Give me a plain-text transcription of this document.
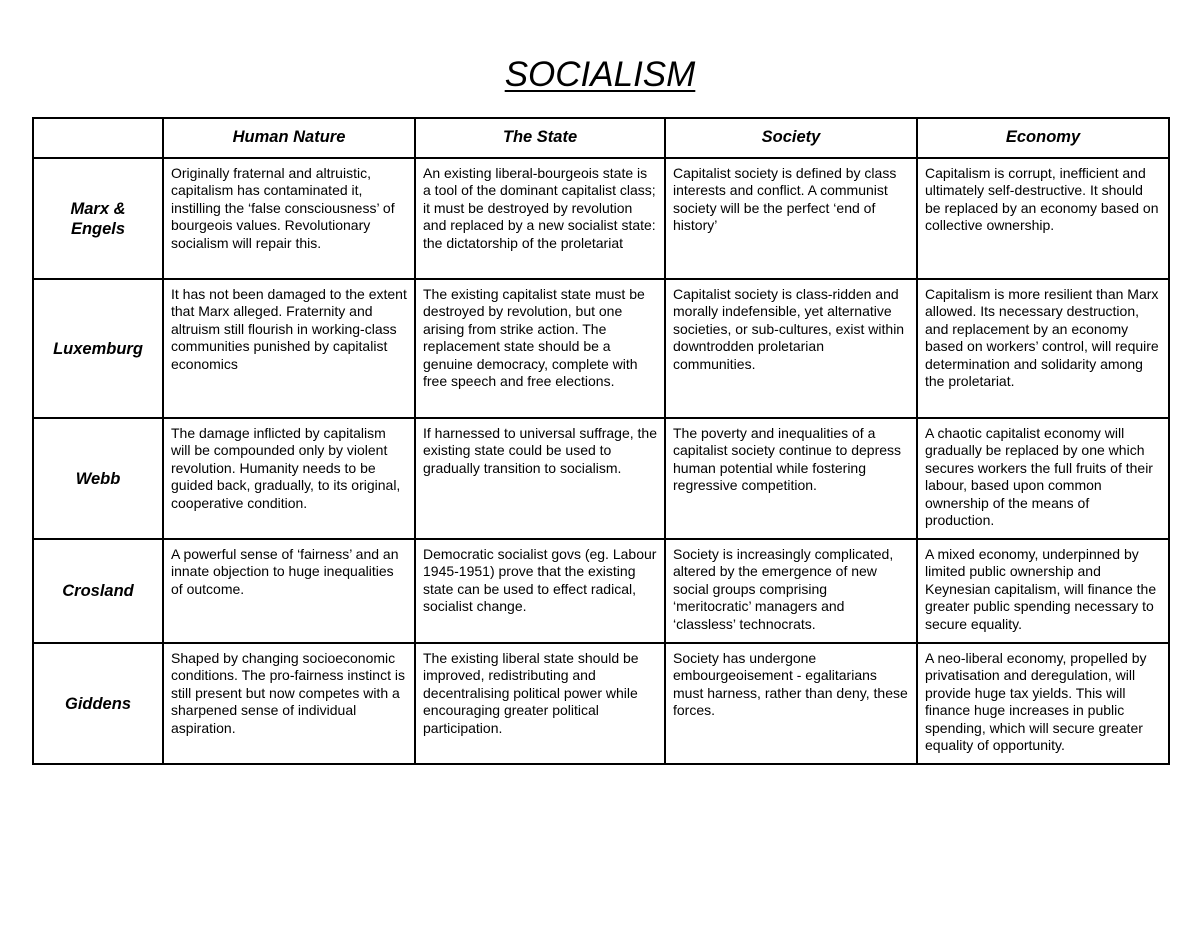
SOCIALISM
	Human Nature	The State	Society	Economy
Marx & Engels	Originally fraternal and altruistic, capitalism has contaminated it, instilling the ‘false consciousness’ of bourgeois values. Revolutionary socialism will repair this.	An existing liberal-bourgeois state is a tool of the dominant capitalist class; it must be destroyed by revolution and replaced by a new socialist state: the dictatorship of the proletariat	Capitalist society is defined by class interests and conflict. A communist society will be the perfect ‘end of history’	Capitalism is corrupt, inefficient and ultimately self-destructive. It should be replaced by an economy based on collective ownership.
Luxemburg	It has not been damaged to the extent that Marx alleged. Fraternity and altruism still flourish in working-class communities punished by capitalist economics	The existing capitalist state must be destroyed by revolution, but one arising from strike action. The replacement state should be a genuine democracy, complete with free speech and free elections.	Capitalist society is class-ridden and morally indefensible, yet alternative societies, or sub-cultures, exist within downtrodden proletarian communities.	Capitalism is more resilient than Marx allowed. Its necessary destruction, and replacement by an economy based on workers’ control, will require determination and solidarity among the proletariat.
Webb	The damage inflicted by capitalism will be compounded only by violent revolution. Humanity needs to be guided back, gradually, to its original, cooperative condition.	If harnessed to universal suffrage, the existing state could be used to gradually transition to socialism.	The poverty and inequalities of a capitalist society continue to depress human potential while fostering regressive competition.	A chaotic capitalist economy will gradually be replaced by one which secures workers the full fruits of their labour, based upon common ownership of the means of production.
Crosland	A powerful sense of ‘fairness’ and an innate objection to huge inequalities of outcome.	Democratic socialist govs (eg. Labour 1945-1951) prove that the existing state can be used to effect radical, socialist change.	Society is increasingly complicated, altered by the emergence of new social groups comprising ‘meritocratic’ managers and ‘classless’ technocrats.	A mixed economy, underpinned by limited public ownership and Keynesian capitalism, will finance the greater public spending necessary to secure equality.
Giddens	Shaped by changing socioeconomic conditions. The pro-fairness instinct is still present but now competes with a sharpened sense of individual aspiration.	The existing liberal state should be improved, redistributing and decentralising political power while encouraging greater political participation.	Society has undergone embourgeoisement - egalitarians must harness, rather than deny, these forces.	A neo-liberal economy, propelled by privatisation and deregulation, will provide huge tax yields. This will finance huge increases in public spending, which will secure greater equality of opportunity.
